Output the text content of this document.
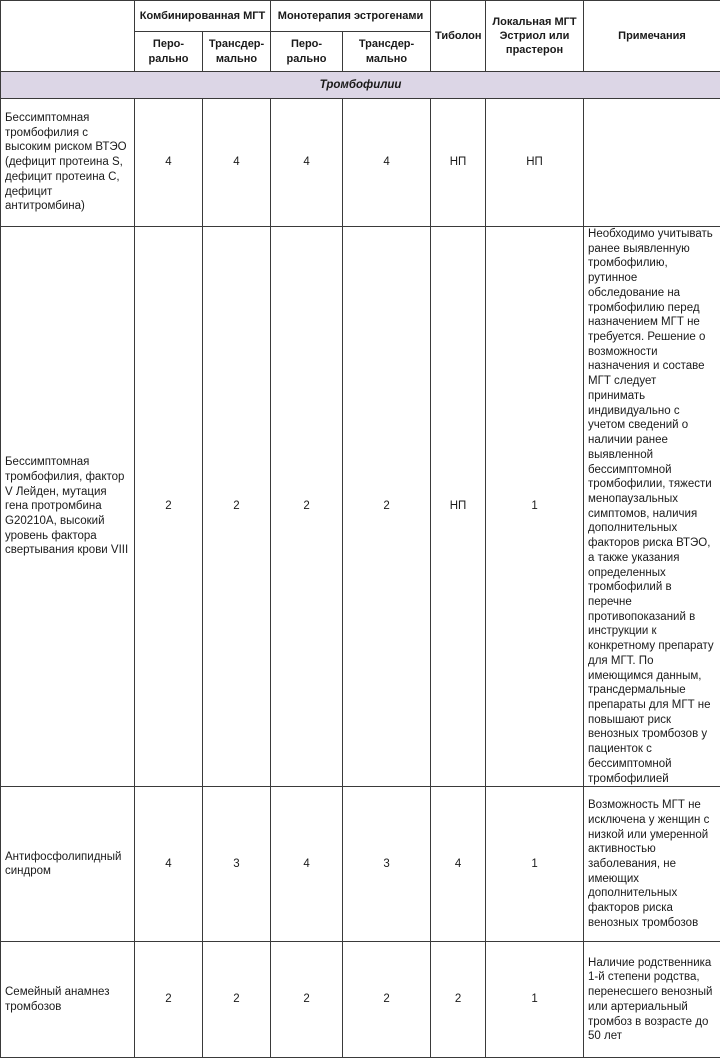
	Комбинированная МГТ		Монотерапия эстрогенами		Тиболон	Локальная МГТ Эстриол или прастерон	Примечания
	Перо-рально	Трансдер-мально	Перо-рально	Трансдер-мально			
Тромбофилии							
Бессимптомная тромбофилия с высоким риском ВТЭО (дефицит протеина S, дефицит протеина C, дефицит антитромбина)	4	4	4	4	НП	НП	
Бессимптомная тромбофилия, фактор V Лейден, мутация гена протромбина G20210A, высокий уровень фактора свертывания крови VIII	2	2	2	2	НП	1	Необходимо учитывать ранее выявленную тромбофилию, рутинное обследование на тромбофилию перед назначением МГТ не требуется. Решение о возможности назначения и составе МГТ следует принимать индивидуально с учетом сведений о наличии ранее выявленной бессимптомной тромбофилии, тяжести менопаузальных симптомов, наличия дополнительных факторов риска ВТЭО, а также указания определенных тромбофилий в перечне противопоказаний в инструкции к конкретному препарату для МГТ. По имеющимся данным, трансдермальные препараты для МГТ не повышают риск венозных тромбозов у пациенток с бессимптомной тромбофилией
Антифосфолипидный синдром	4	3	4	3	4	1	Возможность МГТ не исключена у женщин с низкой или умеренной активностью заболевания, не имеющих дополнительных факторов риска венозных тромбозов
Семейный анамнез тромбозов	2	2	2	2	2	1	Наличие родственника 1-й степени родства, перенесшего венозный или артериальный тромбоз в возрасте до 50 лет
